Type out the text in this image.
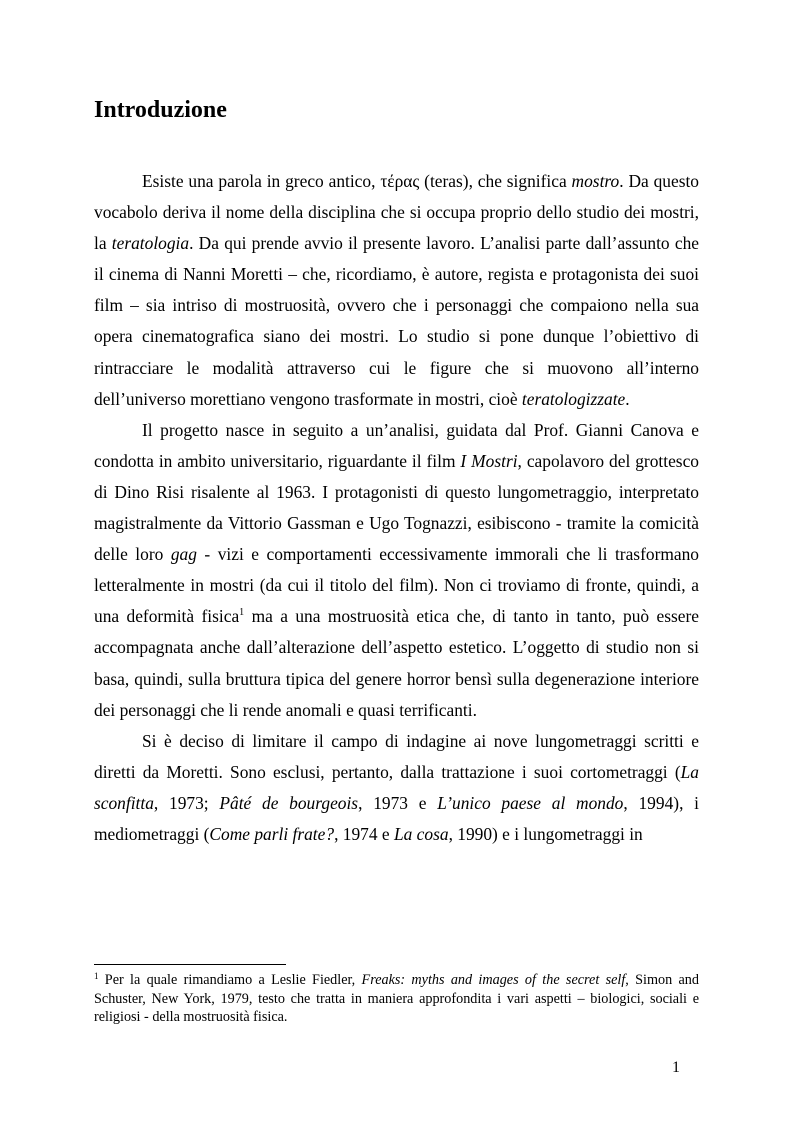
Introduzione

Esiste una parola in greco antico, τέρας (teras), che significa mostro. Da questo vocabolo deriva il nome della disciplina che si occupa proprio dello studio dei mostri, la teratologia. Da qui prende avvio il presente lavoro. L’analisi parte dall’assunto che il cinema di Nanni Moretti – che, ricordiamo, è autore, regista e protagonista dei suoi film – sia intriso di mostruosità, ovvero che i personaggi che compaiono nella sua opera cinematografica siano dei mostri. Lo studio si pone dunque l’obiettivo di rintracciare le modalità attraverso cui le figure che si muovono all’interno dell’universo morettiano vengono trasformate in mostri, cioè teratologizzate.

Il progetto nasce in seguito a un’analisi, guidata dal Prof. Gianni Canova e condotta in ambito universitario, riguardante il film I Mostri, capolavoro del grottesco di Dino Risi risalente al 1963. I protagonisti di questo lungometraggio, interpretato magistralmente da Vittorio Gassman e Ugo Tognazzi, esibiscono - tramite la comicità delle loro gag - vizi e comportamenti eccessivamente immorali che li trasformano letteralmente in mostri (da cui il titolo del film). Non ci troviamo di fronte, quindi, a una deformità fisica$^1$ ma a una mostruosità etica che, di tanto in tanto, può essere accompagnata anche dall’alterazione dell’aspetto estetico. L’oggetto di studio non si basa, quindi, sulla bruttura tipica del genere horror bensì sulla degenerazione interiore dei personaggi che li rende anomali e quasi terrificanti.

Si è deciso di limitare il campo di indagine ai nove lungometraggi scritti e diretti da Moretti. Sono esclusi, pertanto, dalla trattazione i suoi cortometraggi (La sconfitta, 1973; Pâté de bourgeois, 1973 e L’unico paese al mondo, 1994), i mediometraggi (Come parli frate?, 1974 e La cosa, 1990) e i lungometraggi in

$^1$ Per la quale rimandiamo a Leslie Fiedler, Freaks: myths and images of the secret self, Simon and Schuster, New York, 1979, testo che tratta in maniera approfondita i vari aspetti – biologici, sociali e religiosi - della mostruosità fisica.

1
